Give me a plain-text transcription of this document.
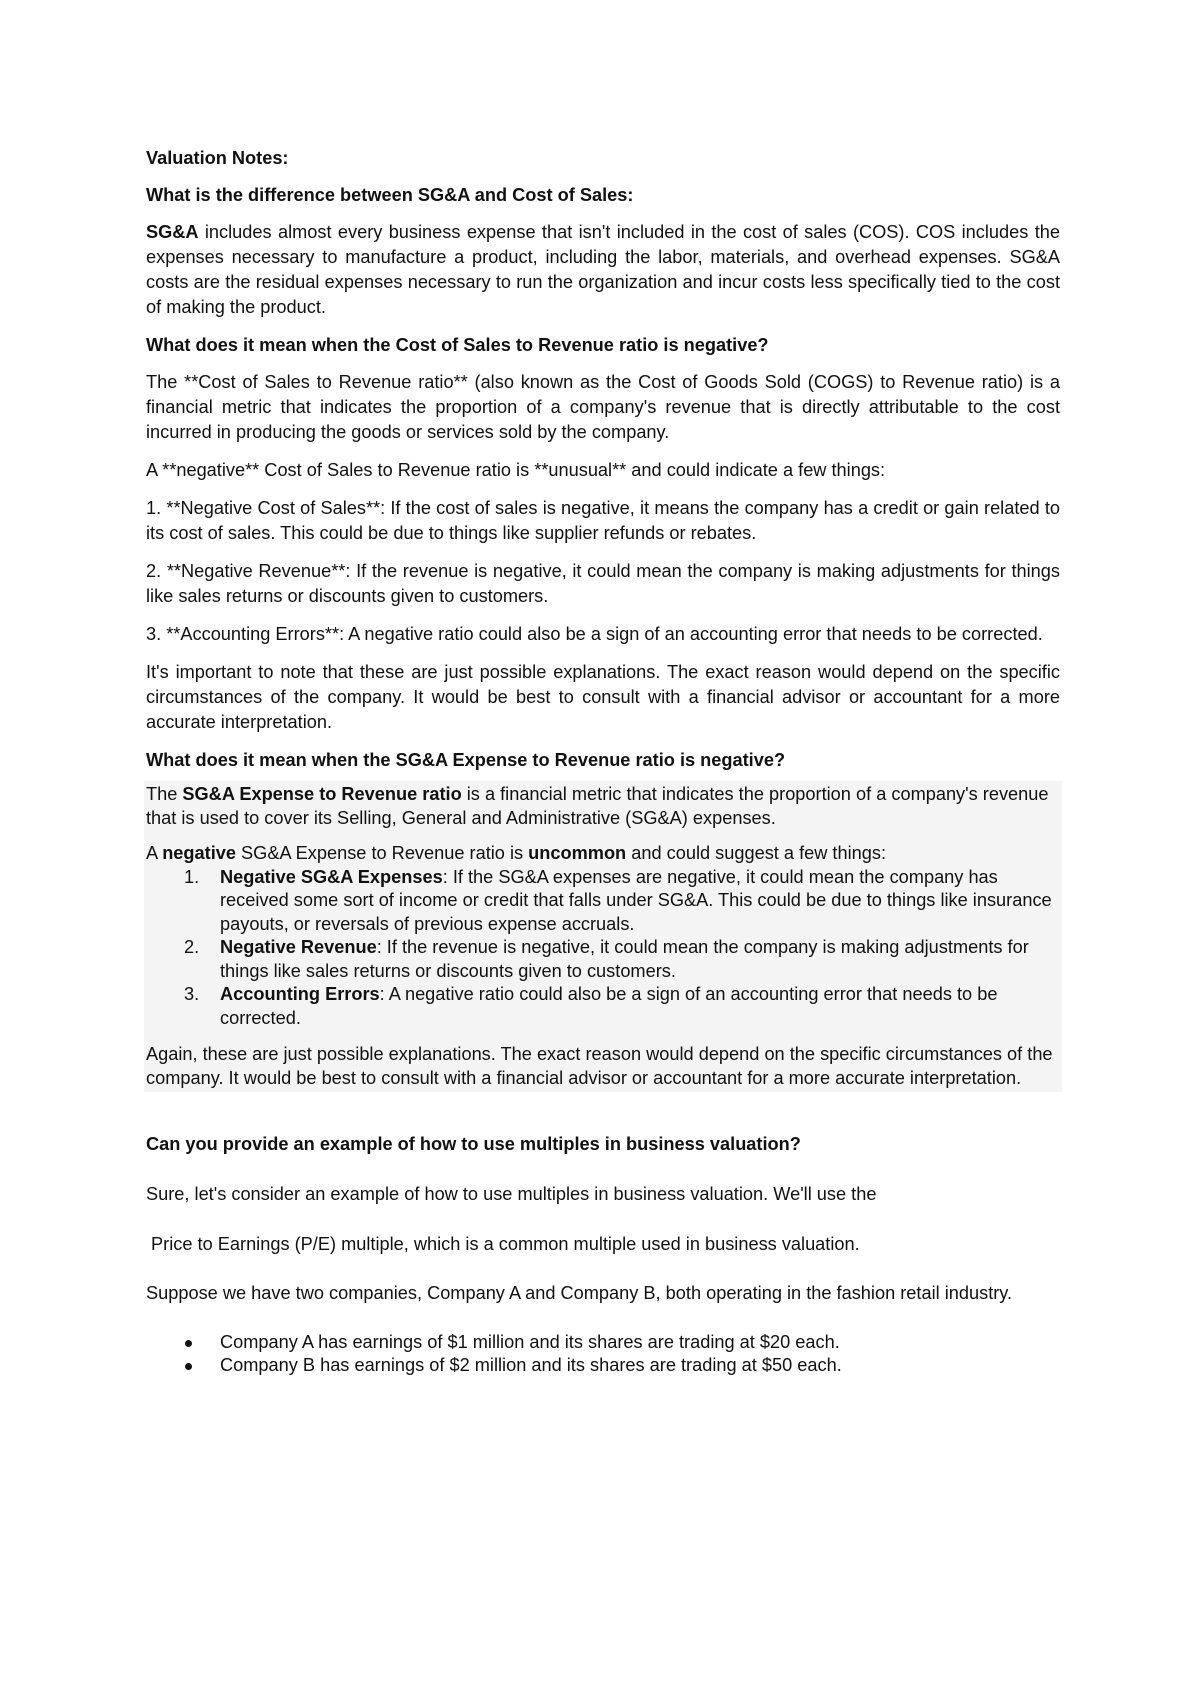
Valuation Notes:

What is the difference between SG&A and Cost of Sales:

SG&A includes almost every business expense that isn't included in the cost of sales (COS). COS includes the expenses necessary to manufacture a product, including the labor, materials, and overhead expenses. SG&A costs are the residual expenses necessary to run the organization and incur costs less specifically tied to the cost of making the product.

What does it mean when the Cost of Sales to Revenue ratio is negative?

The **Cost of Sales to Revenue ratio** (also known as the Cost of Goods Sold (COGS) to Revenue ratio) is a financial metric that indicates the proportion of a company's revenue that is directly attributable to the cost incurred in producing the goods or services sold by the company.

A **negative** Cost of Sales to Revenue ratio is **unusual** and could indicate a few things:

1. **Negative Cost of Sales**: If the cost of sales is negative, it means the company has a credit or gain related to its cost of sales. This could be due to things like supplier refunds or rebates.

2. **Negative Revenue**: If the revenue is negative, it could mean the company is making adjustments for things like sales returns or discounts given to customers.

3. **Accounting Errors**: A negative ratio could also be a sign of an accounting error that needs to be corrected.

It's important to note that these are just possible explanations. The exact reason would depend on the specific circumstances of the company. It would be best to consult with a financial advisor or accountant for a more accurate interpretation.

What does it mean when the SG&A Expense to Revenue ratio is negative?

The SG&A Expense to Revenue ratio is a financial metric that indicates the proportion of a company's revenue that is used to cover its Selling, General and Administrative (SG&A) expenses.

A negative SG&A Expense to Revenue ratio is uncommon and could suggest a few things:

1. Negative SG&A Expenses: If the SG&A expenses are negative, it could mean the company has received some sort of income or credit that falls under SG&A. This could be due to things like insurance payouts, or reversals of previous expense accruals.
2. Negative Revenue: If the revenue is negative, it could mean the company is making adjustments for things like sales returns or discounts given to customers.
3. Accounting Errors: A negative ratio could also be a sign of an accounting error that needs to be corrected.

Again, these are just possible explanations. The exact reason would depend on the specific circumstances of the company. It would be best to consult with a financial advisor or accountant for a more accurate interpretation.

Can you provide an example of how to use multiples in business valuation?

Sure, let's consider an example of how to use multiples in business valuation. We'll use the

Price to Earnings (P/E) multiple, which is a common multiple used in business valuation.

Suppose we have two companies, Company A and Company B, both operating in the fashion retail industry.

Company A has earnings of $1 million and its shares are trading at $20 each.
Company B has earnings of $2 million and its shares are trading at $50 each.
